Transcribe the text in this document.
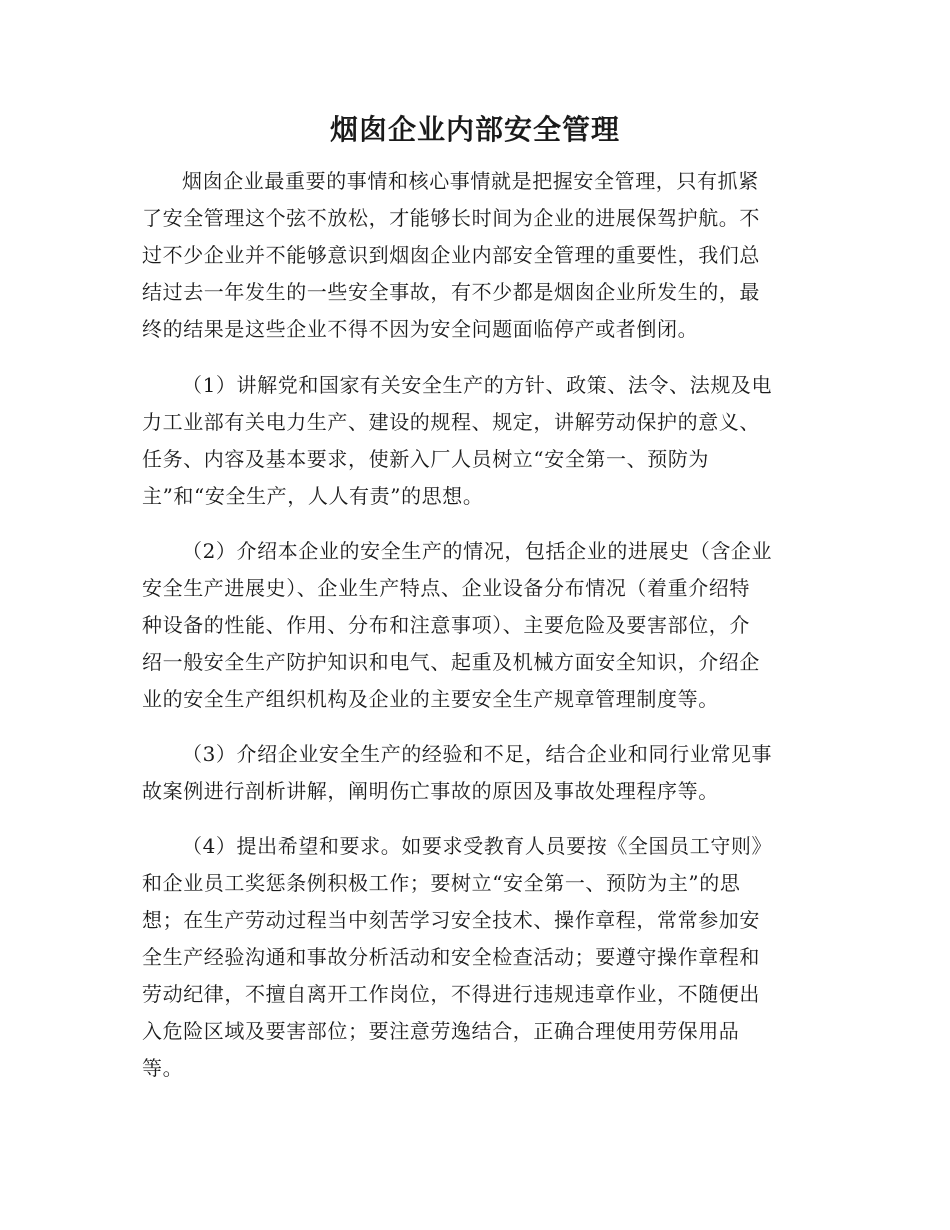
烟囱企业内部安全管理
烟囱企业最重要的事情和核心事情就是把握安全管理，只有抓紧
了安全管理这个弦不放松，才能够长时间为企业的进展保驾护航。不
过不少企业并不能够意识到烟囱企业内部安全管理的重要性，我们总
结过去一年发生的一些安全事故，有不少都是烟囱企业所发生的，最
终的结果是这些企业不得不因为安全问题面临停产或者倒闭。
（1）讲解党和国家有关安全生产的方针、政策、法令、法规及电
力工业部有关电力生产、建设的规程、规定，讲解劳动保护的意义、
任务、内容及基本要求，使新入厂人员树立“安全第一、预防为
主”和“安全生产，人人有责”的思想。
（2）介绍本企业的安全生产的情况，包括企业的进展史（含企业
安全生产进展史）、企业生产特点、企业设备分布情况（着重介绍特
种设备的性能、作用、分布和注意事项）、主要危险及要害部位，介
绍一般安全生产防护知识和电气、起重及机械方面安全知识，介绍企
业的安全生产组织机构及企业的主要安全生产规章管理制度等。
（3）介绍企业安全生产的经验和不足，结合企业和同行业常见事
故案例进行剖析讲解，阐明伤亡事故的原因及事故处理程序等。
（4）提出希望和要求。如要求受教育人员要按《全国员工守则》
和企业员工奖惩条例积极工作；要树立“安全第一、预防为主”的思
想；在生产劳动过程当中刻苦学习安全技术、操作章程，常常参加安
全生产经验沟通和事故分析活动和安全检查活动；要遵守操作章程和
劳动纪律，不擅自离开工作岗位，不得进行违规违章作业，不随便出
入危险区域及要害部位；要注意劳逸结合，正确合理使用劳保用品
等。
